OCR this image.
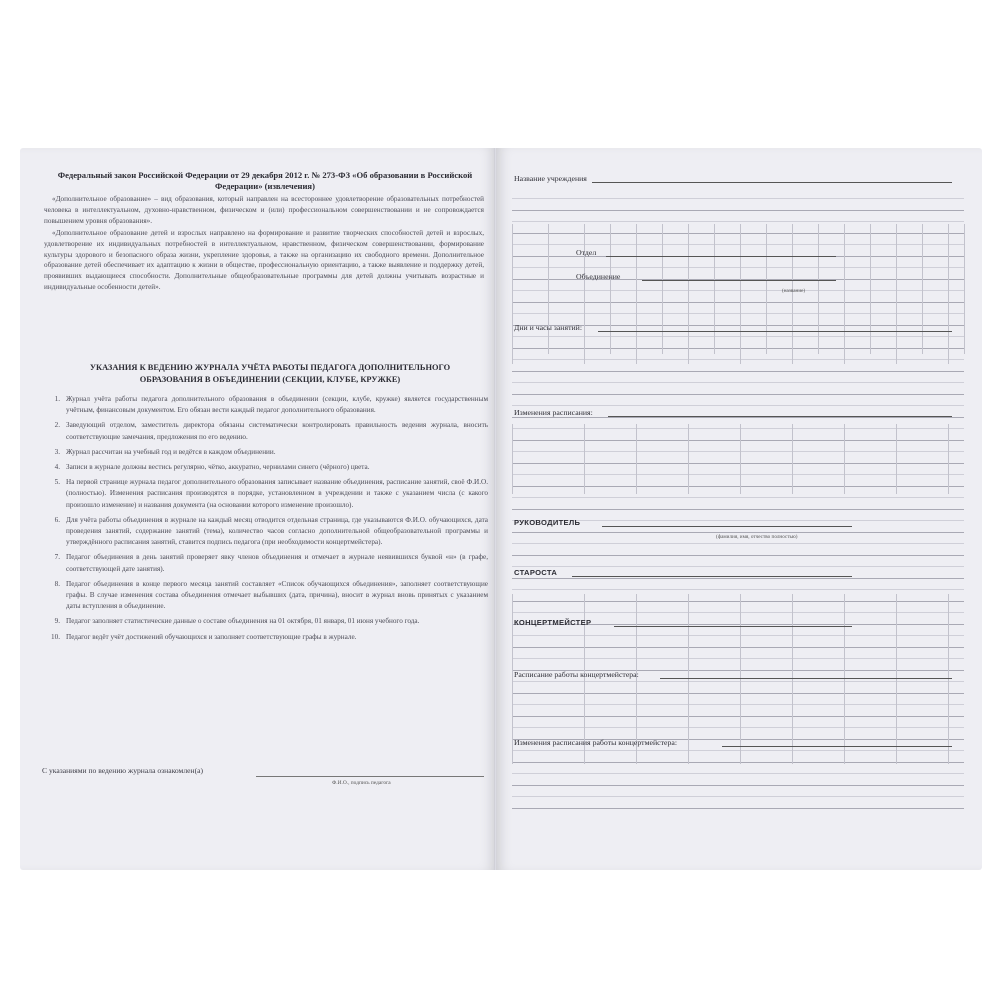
Федеральный закон Российской Федерации от 29 декабря 2012 г. № 273-ФЗ «Об образовании в Российской Федерации» (извлечения)

«Дополнительное образование» – вид образования, который направлен на всестороннее удовлетворение образовательных потребностей человека в интеллектуальном, духовно-нравственном, физическом и (или) профессиональном совершенствовании и не сопровождается повышением уровня образования».

«Дополнительное образование детей и взрослых направлено на формирование и развитие творческих способностей детей и взрослых, удовлетворение их индивидуальных потребностей в интеллектуальном, нравственном, физическом совершенствовании, формирование культуры здорового и безопасного образа жизни, укрепление здоровья, а также на организацию их свободного времени. Дополнительное образование детей обеспечивает их адаптацию к жизни в обществе, профессиональную ориентацию, а также выявление и поддержку детей, проявивших выдающиеся способности. Дополнительные общеобразовательные программы для детей должны учитывать возрастные и индивидуальные особенности детей».

УКАЗАНИЯ К ВЕДЕНИЮ ЖУРНАЛА УЧЁТА РАБОТЫ ПЕДАГОГА ДОПОЛНИТЕЛЬНОГО ОБРАЗОВАНИЯ В ОБЪЕДИНЕНИИ (СЕКЦИИ, КЛУБЕ, КРУЖКЕ)
1. Журнал учёта работы педагога дополнительного образования в объединении (секции, клубе, кружке) является государственным учётным, финансовым документом. Его обязан вести каждый педагог дополнительного образования.
2. Заведующий отделом, заместитель директора обязаны систематически контролировать правильность ведения журнала, вносить соответствующие замечания, предложения по его ведению.
3. Журнал рассчитан на учебный год и ведётся в каждом объединении.
4. Записи в журнале должны вестись регулярно, чётко, аккуратно, чернилами синего (чёрного) цвета.
5. На первой странице журнала педагог дополнительного образования записывает название объединения, расписание занятий, своё Ф.И.О. (полностью). Изменения расписания производятся в порядке, установленном в учреждении и также с указанием числа (с какого произошло изменение) и названия документа (на основании которого изменение произошло).
6. Для учёта работы объединения в журнале на каждый месяц отводится отдельная страница, где указываются Ф.И.О. обучающихся, дата проведения занятий, содержание занятий (тема), количество часов согласно дополнительной общеобразовательной программы и утверждённого расписания занятий, ставится подпись педагога (при необходимости концертмейстера).
7. Педагог объединения в день занятий проверяет явку членов объединения и отмечает в журнале неявившихся буквой «н» (в графе, соответствующей дате занятия).
8. Педагог объединения в конце первого месяца занятий составляет «Список обучающихся объединения», заполняет соответствующие графы. В случае изменения состава объединения отмечает выбывших (дата, причина), вносит в журнал вновь принятых с указанием даты вступления в объединение.
9. Педагог заполняет статистические данные о составе объединения на 01 октября, 01 января, 01 июня учебного года.
10. Педагог ведёт учёт достижений обучающихся и заполняет соответствующие графы в журнале.
С указаниями по ведению журнала ознакомлен(а)
Ф.И.О., подпись педагога
Название учреждения
Отдел
Объединение
(название)
Дни и часы занятий:
Изменения расписания:
РУКОВОДИТЕЛЬ
(фамилия, имя, отчество полностью)
СТАРОСТА
КОНЦЕРТМЕЙСТЕР
Расписание работы концертмейстера:
Изменения расписания работы концертмейстера:
